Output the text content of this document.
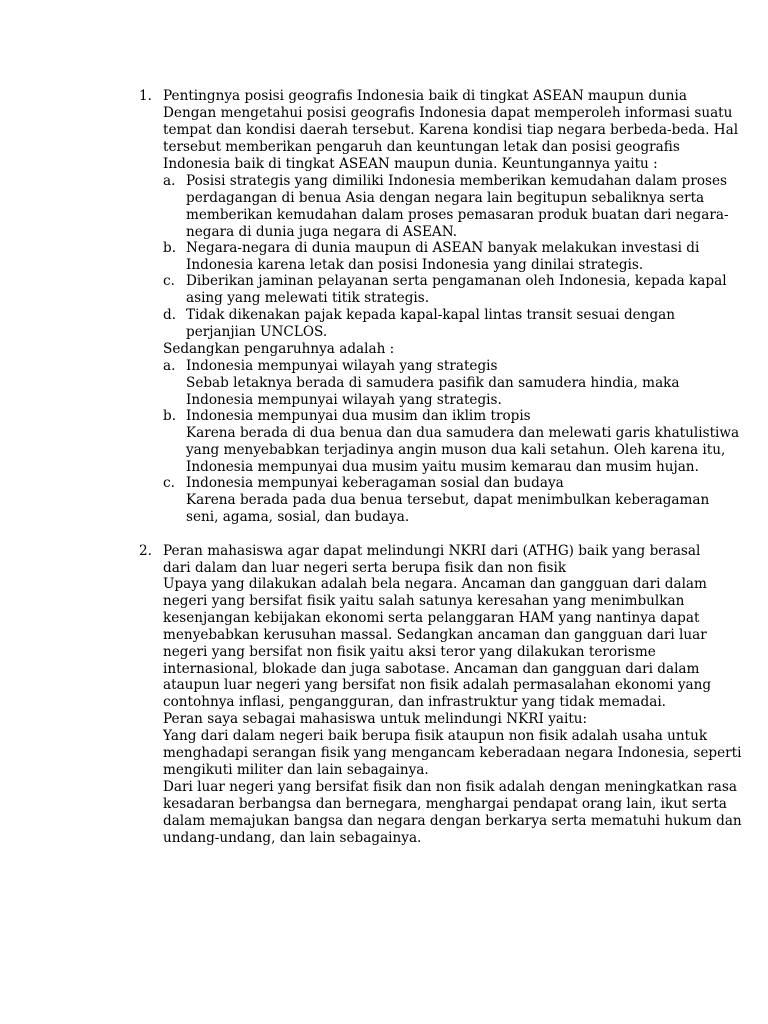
1. Pentingnya posisi geografis Indonesia baik di tingkat ASEAN maupun dunia
Dengan mengetahui posisi geografis Indonesia dapat memperoleh informasi suatu
tempat dan kondisi daerah tersebut. Karena kondisi tiap negara berbeda-beda. Hal
tersebut memberikan pengaruh dan keuntungan letak dan posisi geografis
Indonesia baik di tingkat ASEAN maupun dunia. Keuntungannya yaitu :
a. Posisi strategis yang dimiliki Indonesia memberikan kemudahan dalam proses
perdagangan di benua Asia dengan negara lain begitupun sebaliknya serta
memberikan kemudahan dalam proses pemasaran produk buatan dari negara-
negara di dunia juga negara di ASEAN.
b. Negara-negara di dunia maupun di ASEAN banyak melakukan investasi di
Indonesia karena letak dan posisi Indonesia yang dinilai strategis.
c. Diberikan jaminan pelayanan serta pengamanan oleh Indonesia, kepada kapal
asing yang melewati titik strategis.
d. Tidak dikenakan pajak kepada kapal-kapal lintas transit sesuai dengan
perjanjian UNCLOS.
Sedangkan pengaruhnya adalah :
a. Indonesia mempunyai wilayah yang strategis
Sebab letaknya berada di samudera pasifik dan samudera hindia, maka
Indonesia mempunyai wilayah yang strategis.
b. Indonesia mempunyai dua musim dan iklim tropis
Karena berada di dua benua dan dua samudera dan melewati garis khatulistiwa
yang menyebabkan terjadinya angin muson dua kali setahun. Oleh karena itu,
Indonesia mempunyai dua musim yaitu musim kemarau dan musim hujan.
c. Indonesia mempunyai keberagaman sosial dan budaya
Karena berada pada dua benua tersebut, dapat menimbulkan keberagaman
seni, agama, sosial, dan budaya.
2. Peran mahasiswa agar dapat melindungi NKRI dari (ATHG) baik yang berasal
dari dalam dan luar negeri serta berupa fisik dan non fisik
Upaya yang dilakukan adalah bela negara. Ancaman dan gangguan dari dalam
negeri yang bersifat fisik yaitu salah satunya keresahan yang menimbulkan
kesenjangan kebijakan ekonomi serta pelanggaran HAM yang nantinya dapat
menyebabkan kerusuhan massal. Sedangkan ancaman dan gangguan dari luar
negeri yang bersifat non fisik yaitu aksi teror yang dilakukan terorisme
internasional, blokade dan juga sabotase. Ancaman dan gangguan dari dalam
ataupun luar negeri yang bersifat non fisik adalah permasalahan ekonomi yang
contohnya inflasi, pengangguran, dan infrastruktur yang tidak memadai.
Peran saya sebagai mahasiswa untuk melindungi NKRI yaitu:
Yang dari dalam negeri baik berupa fisik ataupun non fisik adalah usaha untuk
menghadapi serangan fisik yang mengancam keberadaan negara Indonesia, seperti
mengikuti militer dan lain sebagainya.
Dari luar negeri yang bersifat fisik dan non fisik adalah dengan meningkatkan rasa
kesadaran berbangsa dan bernegara, menghargai pendapat orang lain, ikut serta
dalam memajukan bangsa dan negara dengan berkarya serta mematuhi hukum dan
undang-undang, dan lain sebagainya.
